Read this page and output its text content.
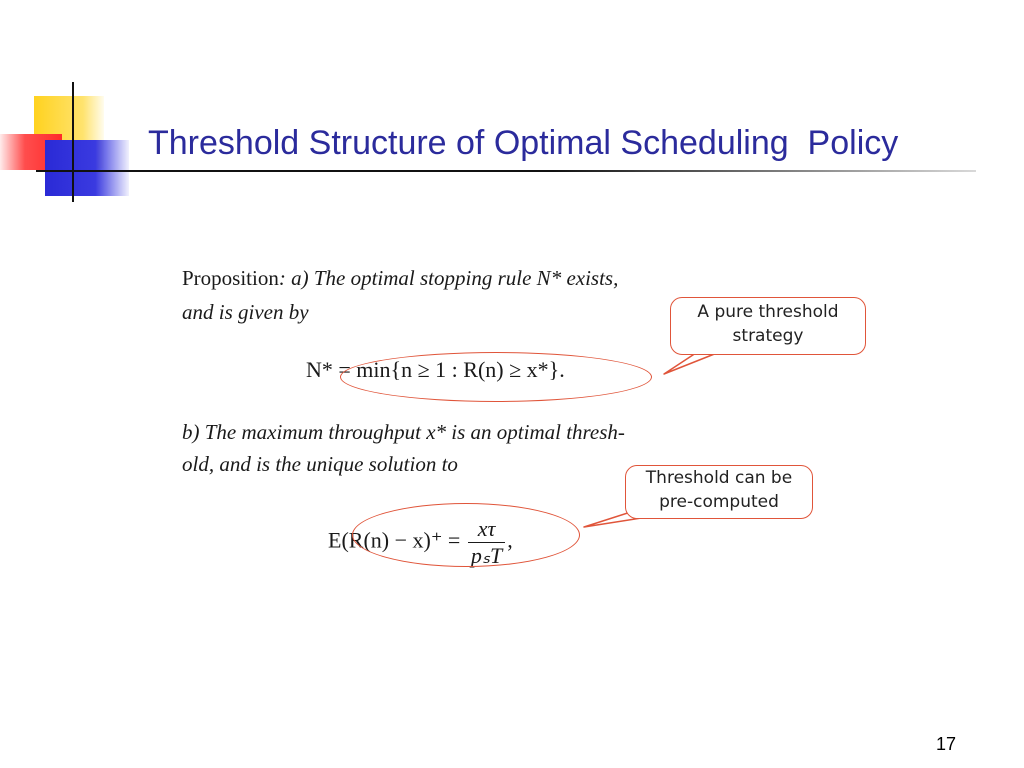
Threshold Structure of Optimal Scheduling  Policy
Proposition: a) The optimal stopping rule N* exists,
and is given by
N* = min{n ≥ 1 : R(n) ≥ x*}.
b) The maximum throughput x* is an optimal thresh-
old, and is the unique solution to
$E(R(n) - x)^+ = \frac{x\tau}{\text{pₛT}}$ ,
A pure threshold
strategy
Threshold can be
pre-computed
17
